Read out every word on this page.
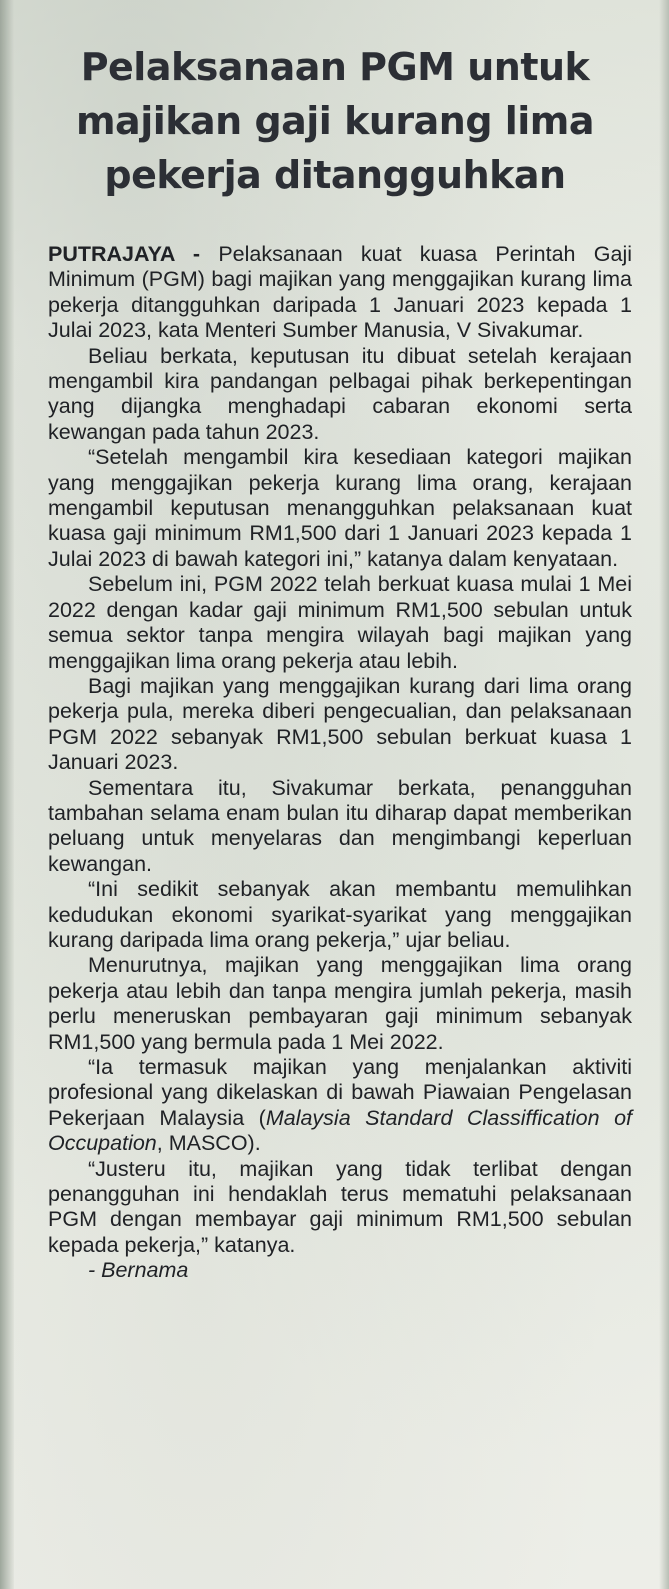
Pelaksanaan PGM untuk
majikan gaji kurang lima
pekerja ditangguhkan

PUTRAJAYA - Pelaksanaan kuat kuasa Perintah Gaji Minimum (PGM) bagi majikan yang menggajikan kurang lima pekerja ditangguhkan daripada 1 Januari 2023 kepada 1 Julai 2023, kata Menteri Sumber Manusia, V Sivakumar.

Beliau berkata, keputusan itu dibuat setelah kerajaan mengambil kira pandangan pelbagai pihak berkepentingan yang dijangka menghadapi cabaran ekonomi serta kewangan pada tahun 2023.

“Setelah mengambil kira kesediaan kategori majikan yang menggajikan pekerja kurang lima orang, kerajaan mengambil keputusan menangguhkan pelaksanaan kuat kuasa gaji minimum RM1,500 dari 1 Januari 2023 kepada 1 Julai 2023 di bawah kategori ini,” katanya dalam kenyataan.

Sebelum ini, PGM 2022 telah berkuat kuasa mulai 1 Mei 2022 dengan kadar gaji minimum RM1,500 sebulan untuk semua sektor tanpa mengira wilayah bagi majikan yang menggajikan lima orang pekerja atau lebih.

Bagi majikan yang menggajikan kurang dari lima orang pekerja pula, mereka diberi pengecualian, dan pelaksanaan PGM 2022 sebanyak RM1,500 sebulan berkuat kuasa 1 Januari 2023.

Sementara itu, Sivakumar berkata, penangguhan tambahan selama enam bulan itu diharap dapat memberikan peluang untuk menyelaras dan mengimbangi keperluan kewangan.

“Ini sedikit sebanyak akan membantu memulihkan kedudukan ekonomi syarikat-syarikat yang menggajikan kurang daripada lima orang pekerja,” ujar beliau.

Menurutnya, majikan yang menggajikan lima orang pekerja atau lebih dan tanpa mengira jumlah pekerja, masih perlu meneruskan pembayaran gaji minimum sebanyak RM1,500 yang bermula pada 1 Mei 2022.

“Ia termasuk majikan yang menjalankan aktiviti profesional yang dikelaskan di bawah Piawaian Pengelasan Pekerjaan Malaysia (Malaysia Standard Classiffication of Occupation, MASCO).

“Justeru itu, majikan yang tidak terlibat dengan penangguhan ini hendaklah terus mematuhi pelaksanaan PGM dengan membayar gaji minimum RM1,500 sebulan kepada pekerja,” katanya.

- Bernama
